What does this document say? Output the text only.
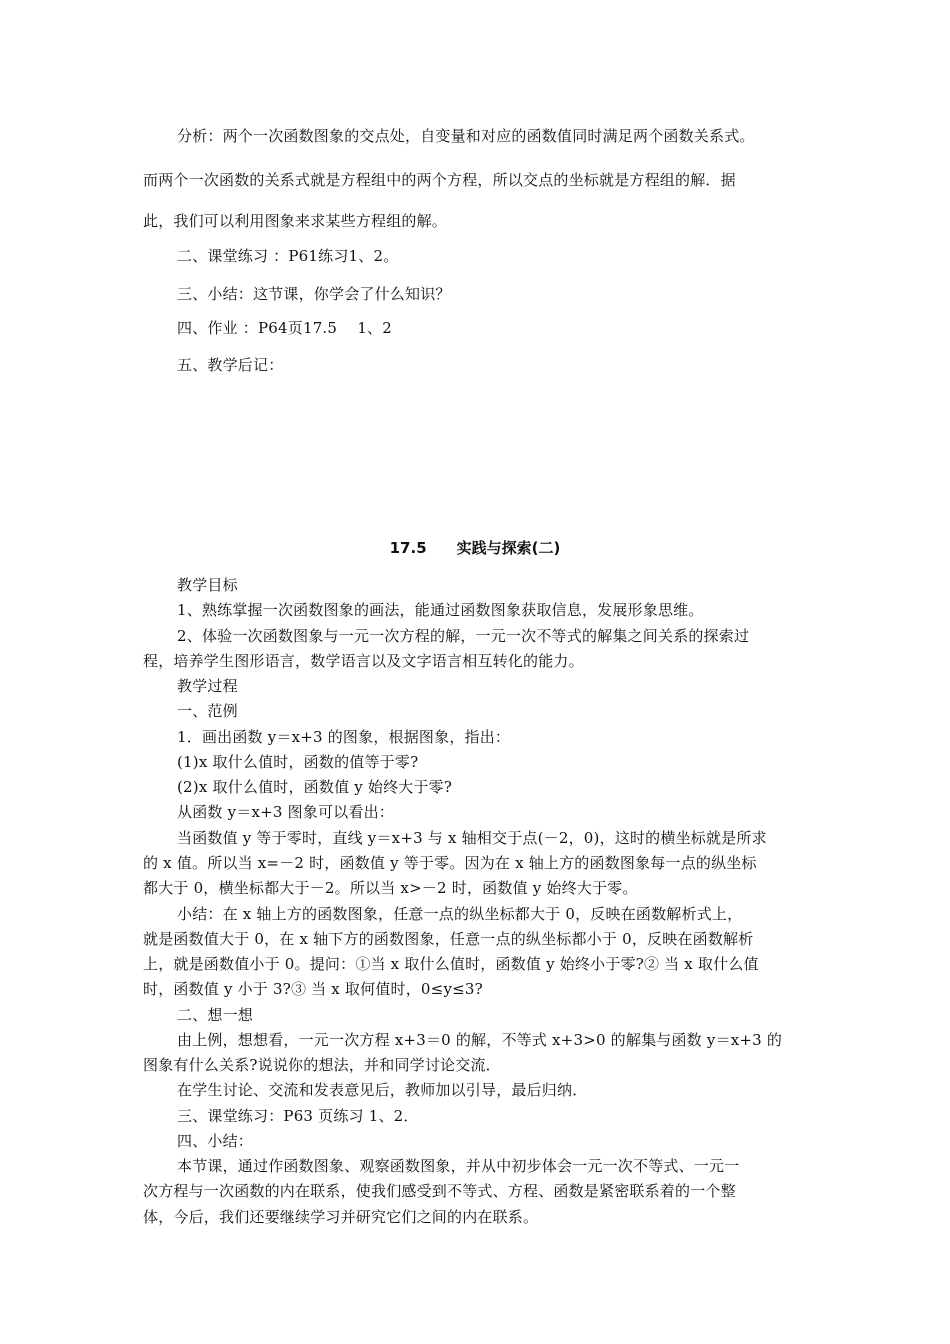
分析：两个一次函数图象的交点处，自变量和对应的函数值同时满足两个函数关系式。

而两个一次函数的关系式就是方程组中的两个方程，所以交点的坐标就是方程组的解．据

此，我们可以利用图象来求某些方程组的解。

二、课堂练习 ：P61练习1、2。

三、小结：这节课，你学会了什么知识？

四、作业 ：P64页17.5　 1、2

五、教学后记：

17.5　　实践与探索(二)

教学目标

1、熟练掌握一次函数图象的画法，能通过函数图象获取信息，发展形象思维。

2、体验一次函数图象与一元一次方程的解，一元一次不等式的解集之间关系的探索过

程，培养学生图形语言，数学语言以及文字语言相互转化的能力。

教学过程

一、范例

1．画出函数 y＝x+3 的图象，根据图象，指出：

(1)x 取什么值时，函数的值等于零?

(2)x 取什么值时，函数值 y 始终大于零?

从函数 y＝x+3 图象可以看出：

当函数值 y 等于零时，直线 y＝x+3 与 x 轴相交于点(－2，0)，这时的横坐标就是所求

的 x 值。所以当 x=－2 时，函数值 y 等于零。因为在 x 轴上方的函数图象每一点的纵坐标

都大于 0，横坐标都大于－2。所以当 x>－2 时，函数值 y 始终大于零。

小结：在 x 轴上方的函数图象，任意一点的纵坐标都大于 0，反映在函数解析式上，

就是函数值大于 0，在 x 轴下方的函数图象，任意一点的纵坐标都小于 0，反映在函数解析

上，就是函数值小于 0。提问：①当 x 取什么值时，函数值 y 始终小于零?② 当 x 取什么值

时，函数值 y 小于 3?③ 当 x 取何值时，0≤y≤3?

二、想一想

由上例，想想看，一元一次方程 x+3＝0 的解，不等式 x+3>0 的解集与函数 y＝x+3 的

图象有什么关系?说说你的想法，并和同学讨论交流．

在学生讨论、交流和发表意见后，教师加以引导，最后归纳．

三、课堂练习：P63 页练习 1、2．

四、小结：

本节课，通过作函数图象、观察函数图象，并从中初步体会一元一次不等式、一元一

次方程与一次函数的内在联系，使我们感受到不等式、方程、函数是紧密联系着的一个整

体，今后，我们还要继续学习并研究它们之间的内在联系。
